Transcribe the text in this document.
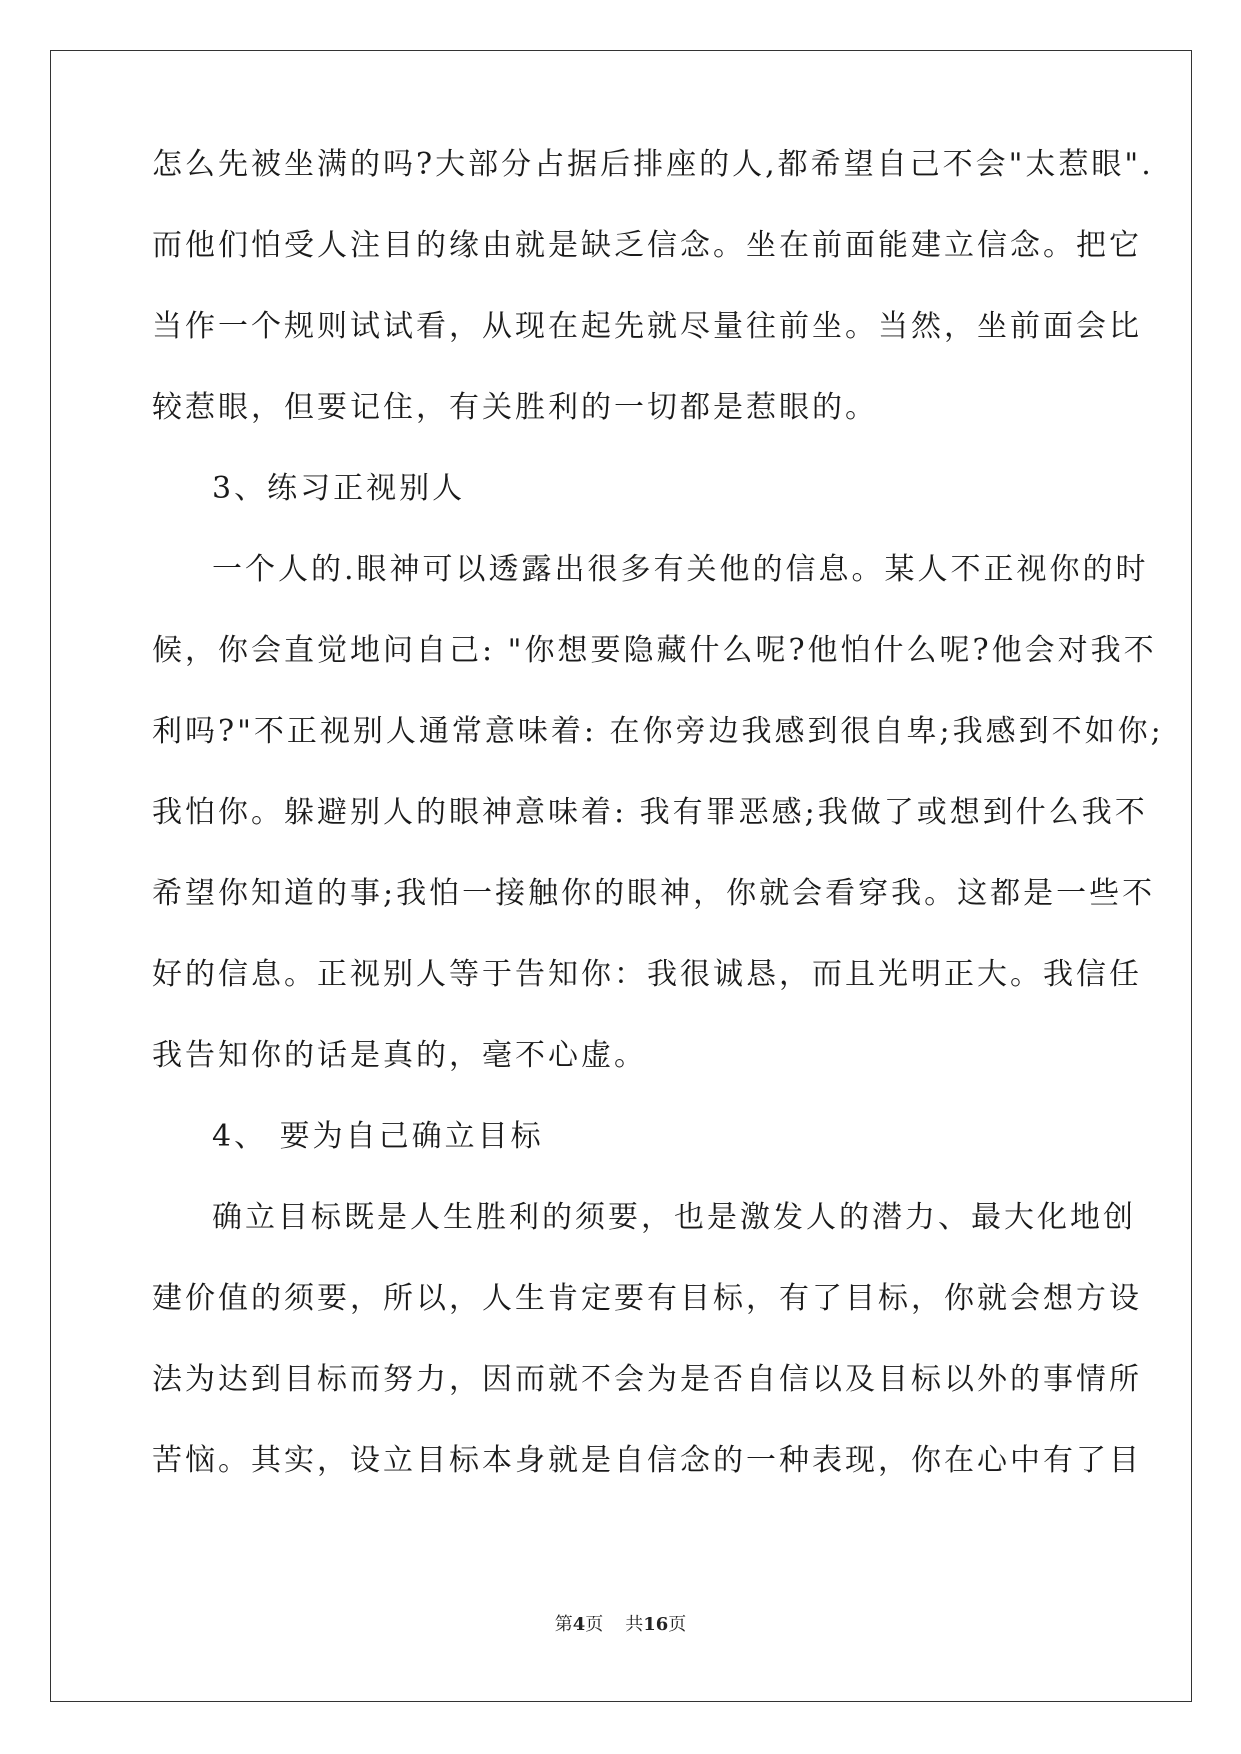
怎么先被坐满的吗?大部分占据后排座的人,都希望自己不会"太惹眼".
而他们怕受人注目的缘由就是缺乏信念。坐在前面能建立信念。把它
当作一个规则试试看，从现在起先就尽量往前坐。当然，坐前面会比
较惹眼，但要记住，有关胜利的一切都是惹眼的。
3、练习正视别人
一个人的.眼神可以透露出很多有关他的信息。某人不正视你的时
候，你会直觉地问自己: "你想要隐藏什么呢?他怕什么呢?他会对我不
利吗?"不正视别人通常意味着: 在你旁边我感到很自卑;我感到不如你;
我怕你。躲避别人的眼神意味着: 我有罪恶感;我做了或想到什么我不
希望你知道的事;我怕一接触你的眼神，你就会看穿我。这都是一些不
好的信息。正视别人等于告知你：我很诚恳，而且光明正大。我信任
我告知你的话是真的，毫不心虚。
4、 要为自己确立目标
确立目标既是人生胜利的须要，也是激发人的潜力、最大化地创
建价值的须要，所以，人生肯定要有目标，有了目标，你就会想方设
法为达到目标而努力，因而就不会为是否自信以及目标以外的事情所
苦恼。其实，设立目标本身就是自信念的一种表现，你在心中有了目
第4页 共16页
